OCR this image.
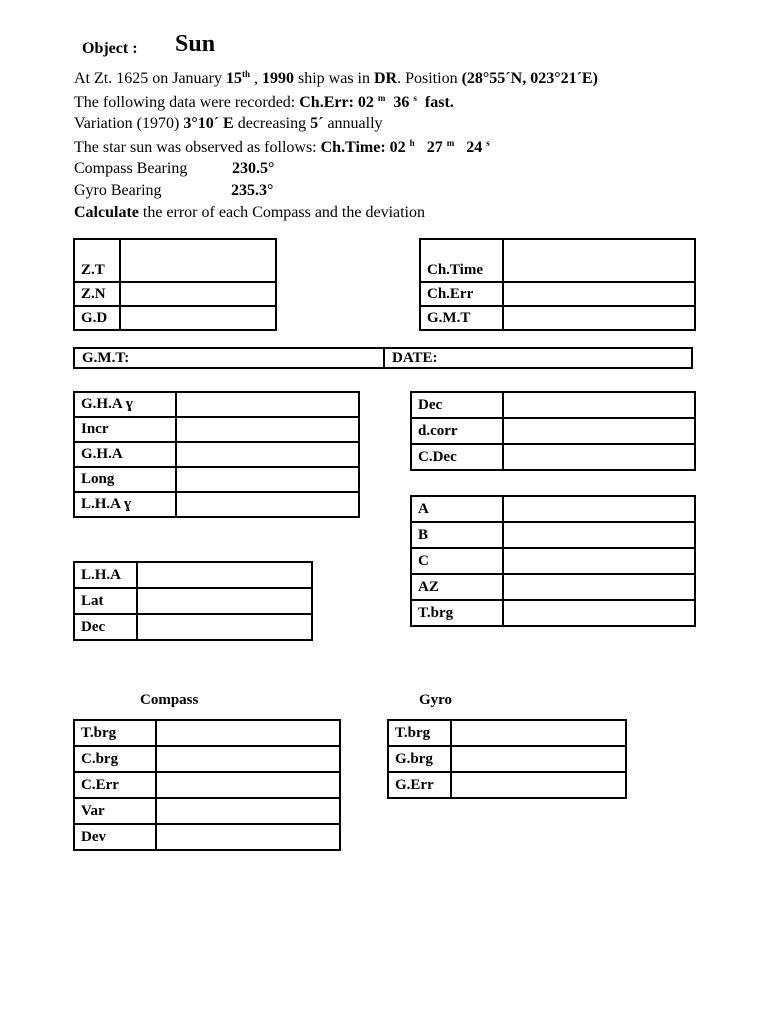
Object : Sun
At Zt. 1625 on January 15th , 1990 ship was in DR. Position (28°55´N, 023°21´E)
The following data were recorded: Ch.Err: 02 $^m$ 36 $^s$ fast.
Variation (1970) 3°10´ E decreasing 5´ annually
The star sun was observed as follows: Ch.Time: 02 $^h$ 27 $^m$ 24 $^s$
Compass Bearing	230.5°
Gyro Bearing	235.3°
Calculate the error of each Compass and the deviation
Z.T	
Z.N	
G.D	
Ch.Time	
Ch.Err	
G.M.T	
G.M.T:	DATE:
G.H.A ɣ	
Incr	
G.H.A	
Long	
L.H.A ɣ	
Dec	
d.corr	
C.Dec	
A	
B	
C	
AZ	
T.brg	
L.H.A	
Lat	
Dec	
Compass
T.brg	
C.brg	
C.Err	
Var	
Dev	
Gyro
T.brg	
G.brg	
G.Err	
